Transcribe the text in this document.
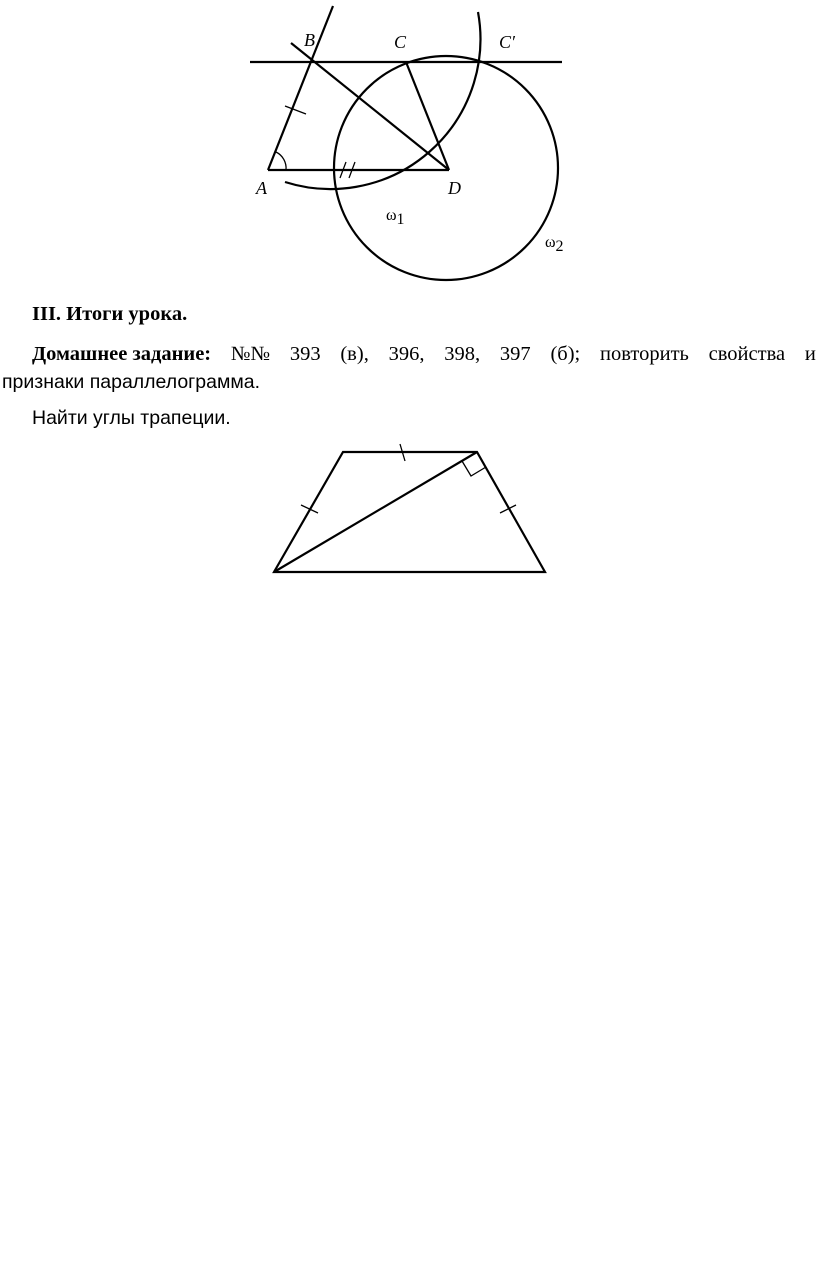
B	C	C′
A	D
ω1
ω2

III. Итоги урока.

Домашнее задание: №№ 393 (в), 396, 398, 397 (б); повторить свойства и

признаки параллелограмма.

Найти углы трапеции.
